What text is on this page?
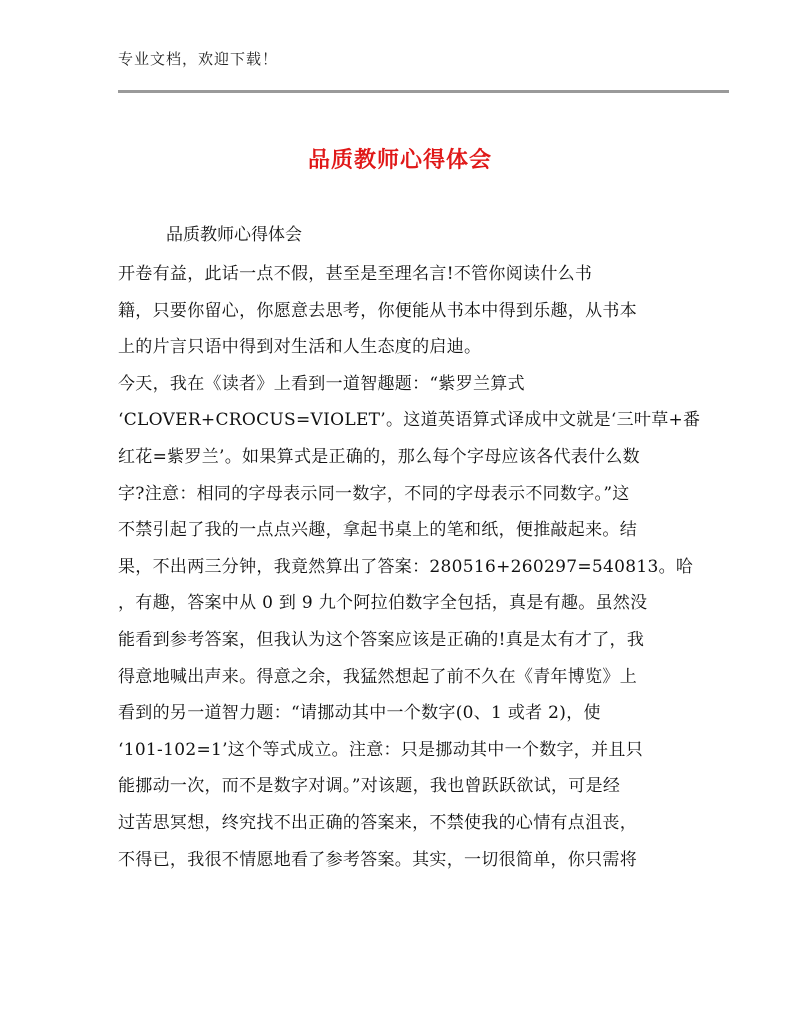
专业文档，欢迎下载！
品质教师心得体会
品质教师心得体会
开卷有益，此话一点不假，甚至是至理名言!不管你阅读什么书
籍，只要你留心，你愿意去思考，你便能从书本中得到乐趣，从书本
上的片言只语中得到对生活和人生态度的启迪。
今天，我在《读者》上看到一道智趣题：“紫罗兰算式
‘CLOVER+CROCUS=VIOLET’。这道英语算式译成中文就是‘三叶草+番
红花=紫罗兰’。如果算式是正确的，那么每个字母应该各代表什么数
字?注意：相同的字母表示同一数字，不同的字母表示不同数字。”这
不禁引起了我的一点点兴趣，拿起书桌上的笔和纸，便推敲起来。结
果，不出两三分钟，我竟然算出了答案：280516+260297=540813。哈
，有趣，答案中从 0 到 9 九个阿拉伯数字全包括，真是有趣。虽然没
能看到参考答案，但我认为这个答案应该是正确的!真是太有才了，我
得意地喊出声来。得意之余，我猛然想起了前不久在《青年博览》上
看到的另一道智力题：“请挪动其中一个数字(0、1 或者 2)，使
‘101-102=1’这个等式成立。注意：只是挪动其中一个数字，并且只
能挪动一次，而不是数字对调。”对该题，我也曾跃跃欲试，可是经
过苦思冥想，终究找不出正确的答案来，不禁使我的心情有点沮丧，
不得已，我很不情愿地看了参考答案。其实，一切很简单，你只需将
